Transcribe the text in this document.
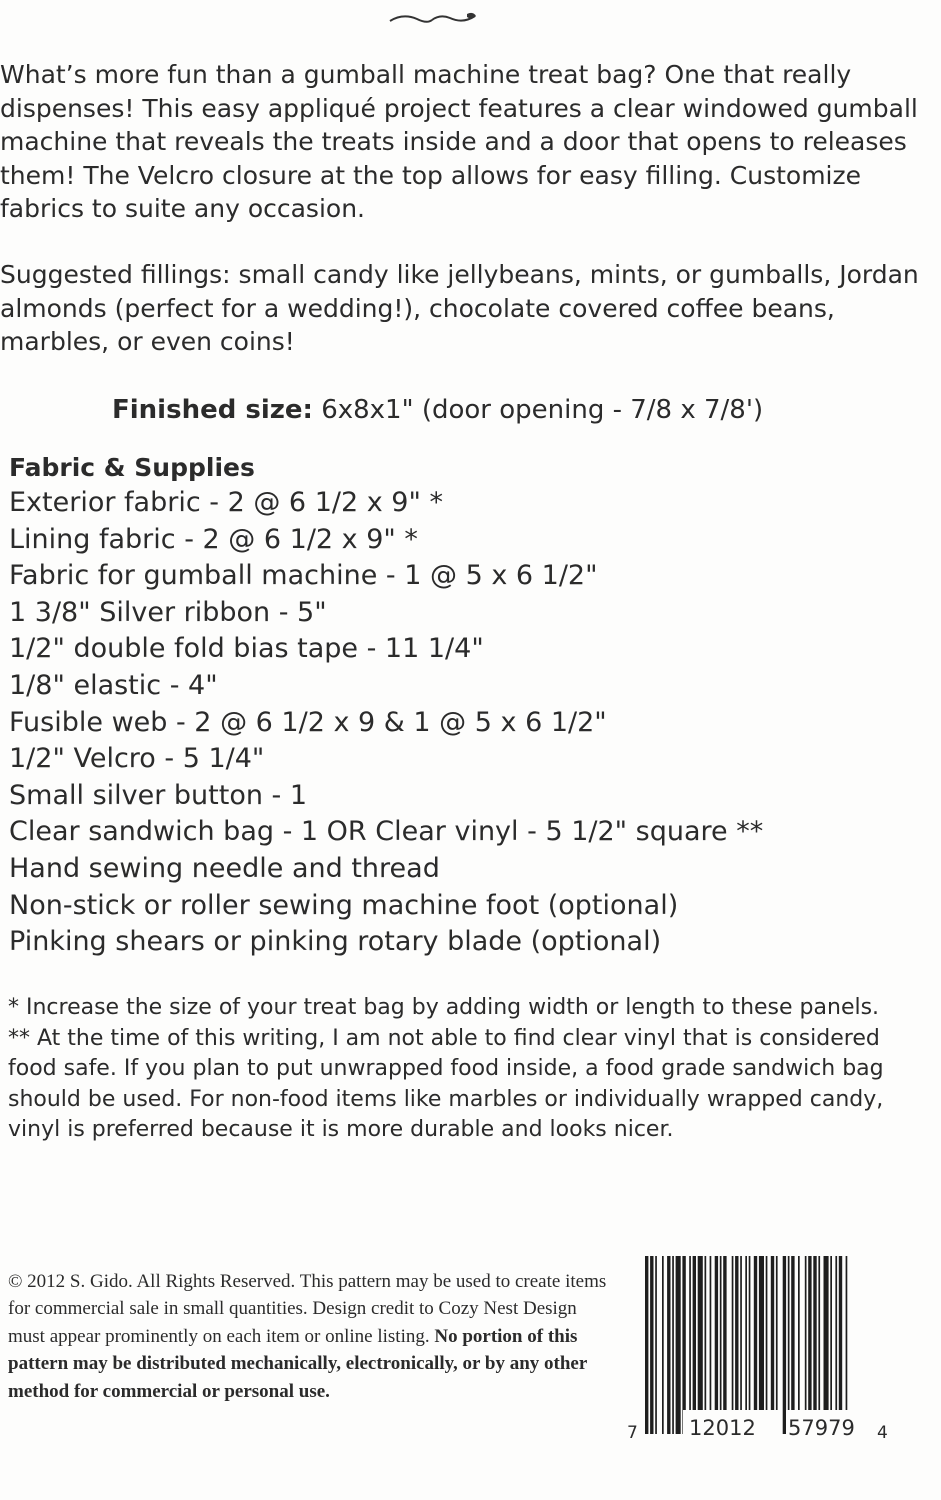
What’s more fun than a gumball machine treat bag? One that really dispenses! This easy appliqué project features a clear windowed gumball machine that reveals the treats inside and a door that opens to releases them! The Velcro closure at the top allows for easy filling. Customize fabrics to suite any occasion.

Suggested fillings: small candy like jellybeans, mints, or gumballs, Jordan almonds (perfect for a wedding!), chocolate covered coffee beans, marbles, or even coins!

Finished size: 6x8x1" (door opening - 7/8 x 7/8')
Fabric & Supplies
Exterior fabric - 2 @ 6 1/2 x 9" *
Lining fabric - 2 @ 6 1/2 x 9" *
Fabric for gumball machine - 1 @ 5 x 6 1/2"
1 3/8" Silver ribbon - 5"
1/2" double fold bias tape - 11 1/4"
1/8" elastic - 4"
Fusible web - 2 @ 6 1/2 x 9 & 1 @ 5 x 6 1/2"
1/2" Velcro - 5 1/4"
Small silver button - 1
Clear sandwich bag - 1 OR Clear vinyl - 5 1/2" square **
Hand sewing needle and thread
Non-stick or roller sewing machine foot (optional)
Pinking shears or pinking rotary blade (optional)

* Increase the size of your treat bag by adding width or length to these panels.

** At the time of this writing, I am not able to find clear vinyl that is considered food safe. If you plan to put unwrapped food inside, a food grade sandwich bag should be used. For non-food items like marbles or individually wrapped candy, vinyl is preferred because it is more durable and looks nicer.

© 2012 S. Gido. All Rights Reserved. This pattern may be used to create items for commercial sale in small quantities. Design credit to Cozy Nest Design must appear prominently on each item or online listing. No portion of this pattern may be distributed mechanically, electronically, or by any other method for commercial or personal use.
7 12012 57979 4
